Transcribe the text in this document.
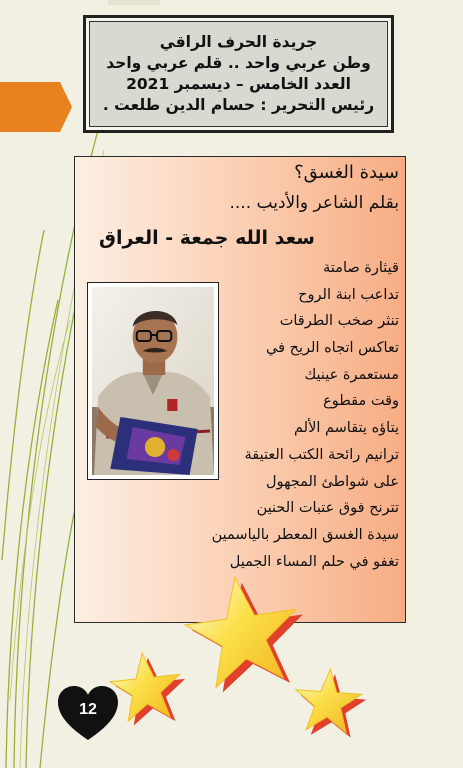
جريدة الحرف الراقي
وطن عربي واحد .. قلم عربي واحد
العدد الخامس – ديسمبر 2021
رئيس التحرير : حسام الدين طلعت .
سيدة الغسق؟
بقلم الشاعر والأديب ....
سعد الله جمعة - العراق
قيثارة صامتة
تداعب ابنة الروح
تنثر صخب الطرقات
تعاكس اتجاه الريح في
مستعمرة عينيك
وقت مقطوع
يتاؤه يتقاسم الألم
ترانيم رائحة الكتب العتيقة
على شواطئ المجهول
تترنح فوق عتبات الحنين
سيدة الغسق المعطر بالياسمين
تغفو في حلم المساء الجميل
12
